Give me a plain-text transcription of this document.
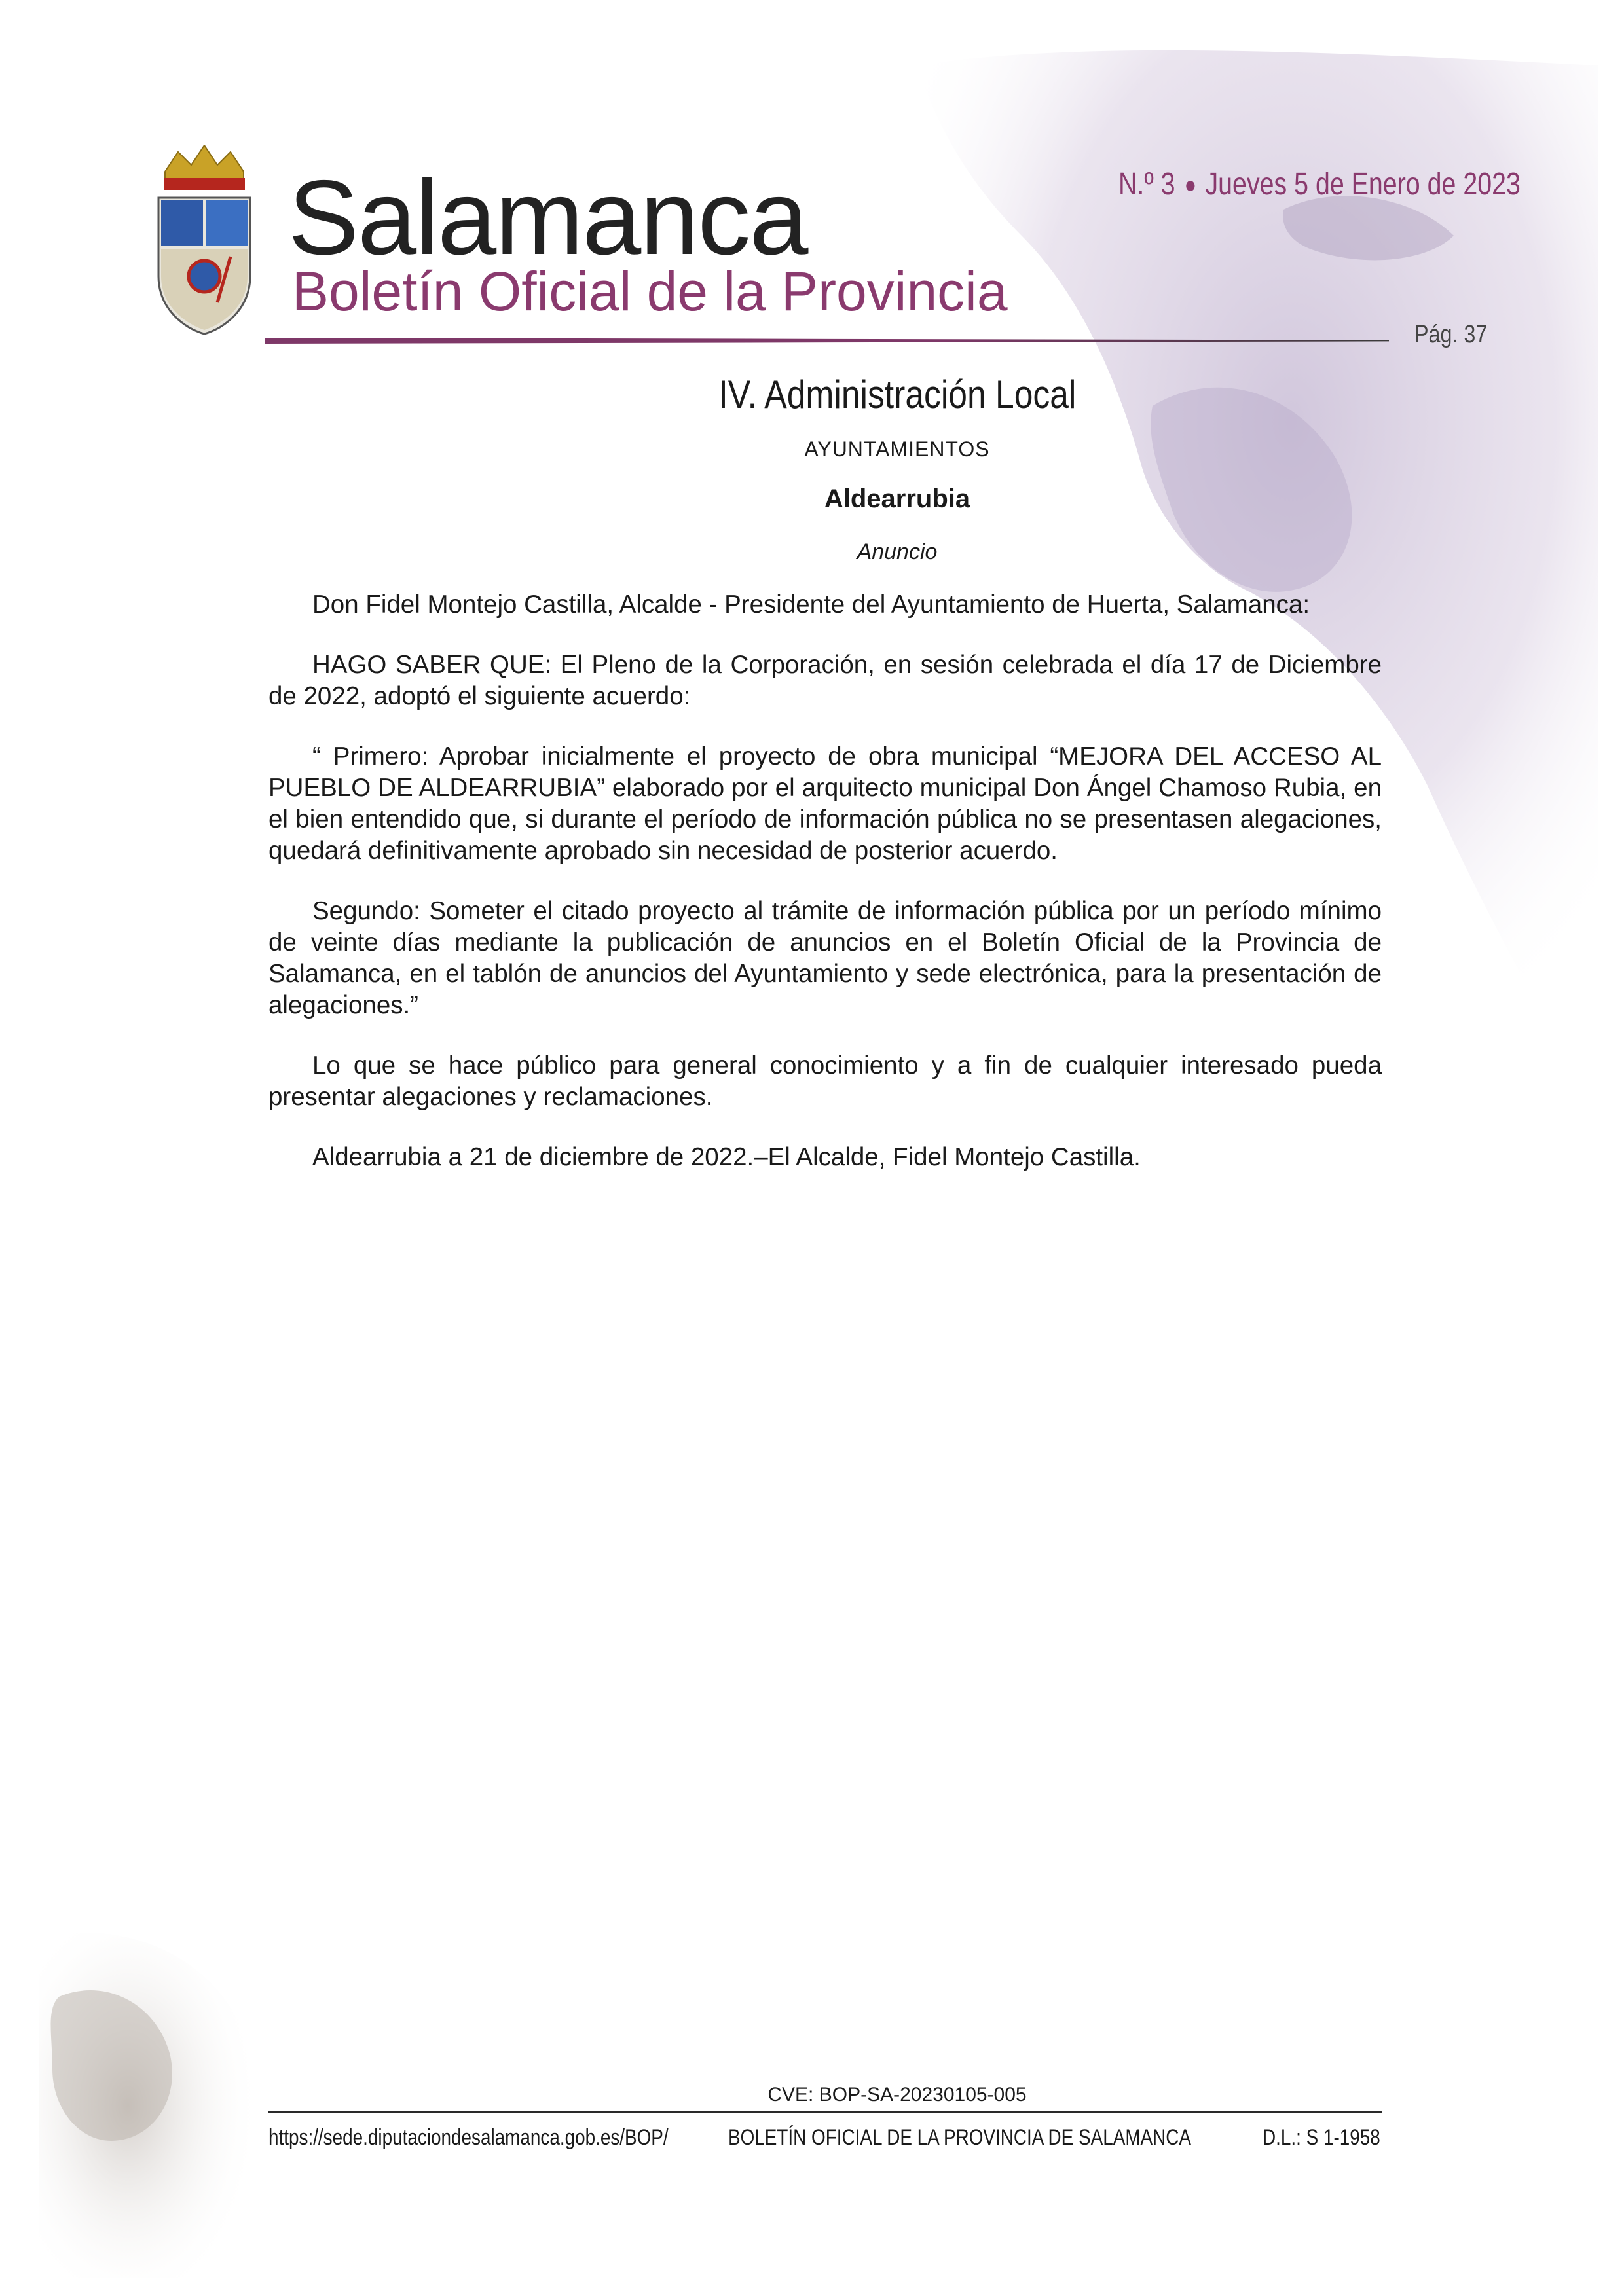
Salamanca
Boletín Oficial de la Provincia
N.º 3 Jueves 5 de Enero de 2023
Pág. 37
IV. Administración Local
AYUNTAMIENTOS
Aldearrubia
Anuncio

Don Fidel Montejo Castilla, Alcalde - Presidente del Ayuntamiento de Huerta, Salamanca:

HAGO SABER QUE: El Pleno de la Corporación, en sesión celebrada el día 17 de Diciembre de 2022, adoptó el siguiente acuerdo:

“ Primero: Aprobar inicialmente el proyecto de obra municipal “MEJORA DEL ACCESO AL PUEBLO DE ALDEARRUBIA” elaborado por el arquitecto municipal Don Ángel Chamoso Rubia, en el bien entendido que, si durante el período de información pública no se presentasen alegaciones, quedará definitivamente aprobado sin necesidad de posterior acuerdo.

Segundo: Someter el citado proyecto al trámite de información pública por un período mínimo de veinte días mediante la publicación de anuncios en el Boletín Oficial de la Provincia de Salamanca, en el tablón de anuncios del Ayuntamiento y sede electrónica, para la presentación de alegaciones.”

Lo que se hace público para general conocimiento y a fin de cualquier interesado pueda presentar alegaciones y reclamaciones.

Aldearrubia a 21 de diciembre de 2022.–El Alcalde, Fidel Montejo Castilla.

CVE: BOP-SA-20230105-005
https://sede.diputaciondesalamanca.gob.es/BOP/	BOLETÍN OFICIAL DE LA PROVINCIA DE SALAMANCA	D.L.: S 1-1958
